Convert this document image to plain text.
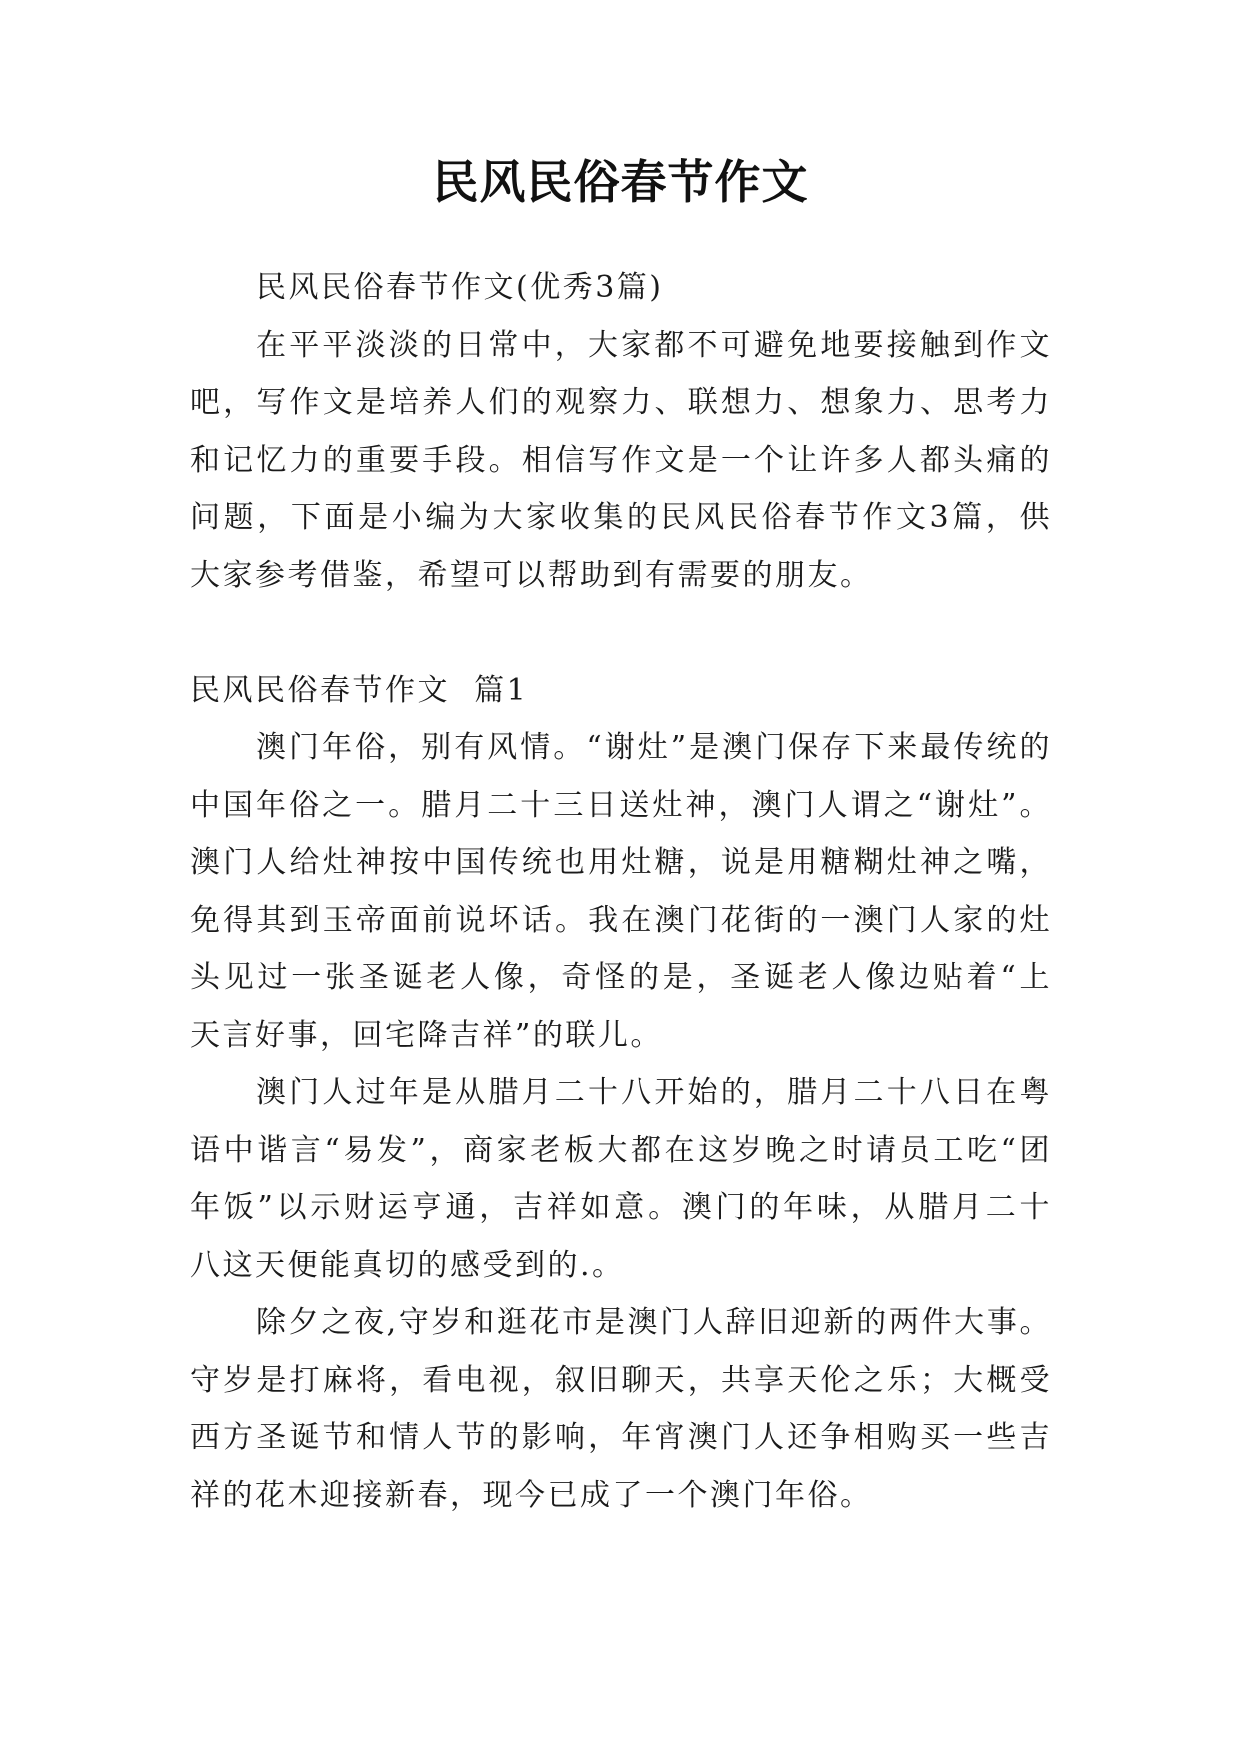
民风民俗春节作文

民风民俗春节作文(优秀3篇)

在平平淡淡的日常中，大家都不可避免地要接触到作文吧，写作文是培养人们的观察力、联想力、想象力、思考力和记忆力的重要手段。相信写作文是一个让许多人都头痛的问题，下面是小编为大家收集的民风民俗春节作文3篇，供大家参考借鉴，希望可以帮助到有需要的朋友。

民风民俗春节作文  篇1

澳门年俗，别有风情。“谢灶”是澳门保存下来最传统的中国年俗之一。腊月二十三日送灶神，澳门人谓之“谢灶”。澳门人给灶神按中国传统也用灶糖，说是用糖糊灶神之嘴，免得其到玉帝面前说坏话。我在澳门花街的一澳门人家的灶头见过一张圣诞老人像，奇怪的是，圣诞老人像边贴着“上天言好事，回宅降吉祥”的联儿。

澳门人过年是从腊月二十八开始的，腊月二十八日在粤语中谐言“易发”，商家老板大都在这岁晚之时请员工吃“团年饭”以示财运亨通，吉祥如意。澳门的年味，从腊月二十八这天便能真切的感受到的.。

除夕之夜,守岁和逛花市是澳门人辞旧迎新的两件大事。守岁是打麻将，看电视，叙旧聊天，共享天伦之乐；大概受西方圣诞节和情人节的影响，年宵澳门人还争相购买一些吉祥的花木迎接新春，现今已成了一个澳门年俗。
